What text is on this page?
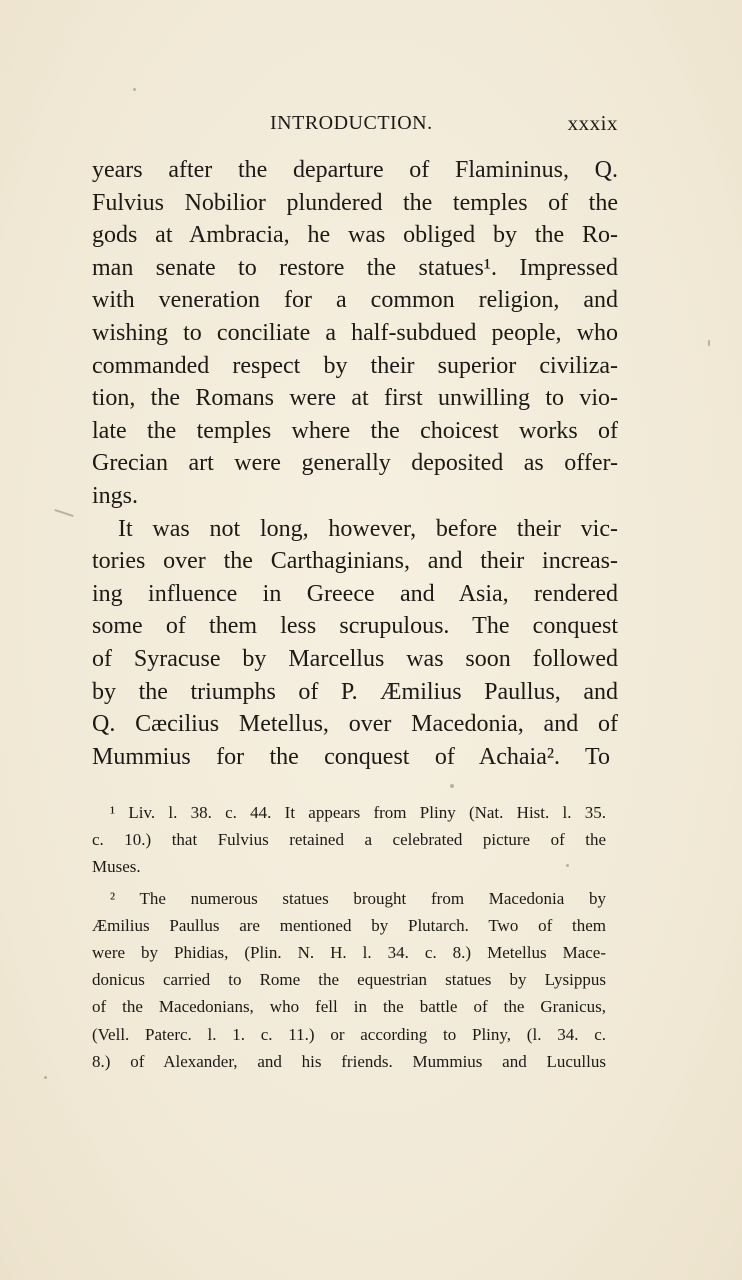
INTRODUCTION.	xxxix
years after the departure of Flamininus, Q.
Fulvius Nobilior plundered the temples of the
gods at Ambracia, he was obliged by the Ro-
man senate to restore the statues¹. Impressed
with veneration for a common religion, and
wishing to conciliate a half-subdued people, who
commanded respect by their superior civiliza-
tion, the Romans were at first unwilling to vio-
late the temples where the choicest works of
Grecian art were generally deposited as offer-
ings.
It was not long, however, before their vic-
tories over the Carthaginians, and their increas-
ing influence in Greece and Asia, rendered
some of them less scrupulous. The conquest
of Syracuse by Marcellus was soon followed
by the triumphs of P. Æmilius Paullus, and
Q. Cæcilius Metellus, over Macedonia, and of
Mummius for the conquest of Achaia². To
¹ Liv. l. 38. c. 44. It appears from Pliny (Nat. Hist. l. 35.
c. 10.) that Fulvius retained a celebrated picture of the
Muses.
² The numerous statues brought from Macedonia by
Æmilius Paullus are mentioned by Plutarch. Two of them
were by Phidias, (Plin. N. H. l. 34. c. 8.) Metellus Mace-
donicus carried to Rome the equestrian statues by Lysippus
of the Macedonians, who fell in the battle of the Granicus,
(Vell. Paterc. l. 1. c. 11.) or according to Pliny, (l. 34. c.
8.) of Alexander, and his friends. Mummius and Lucullus
